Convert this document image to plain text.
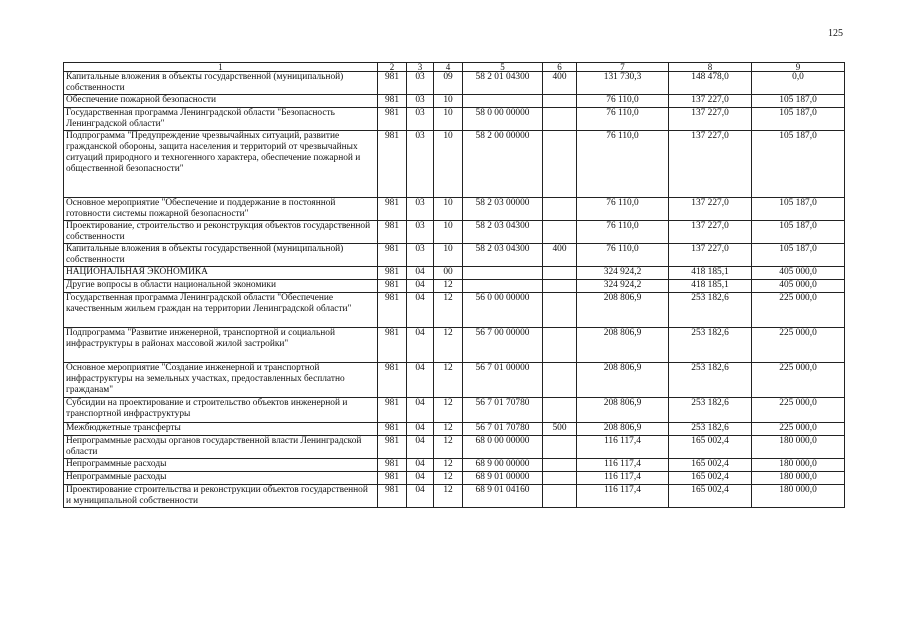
125
1	2	3	4	5	6	7	8	9
Капитальные вложения в объекты государственной (муниципальной) собственности	981	03	09	58 2 01 04300	400	131 730,3	148 478,0	0,0
Обеспечение пожарной безопасности	981	03	10			76 110,0	137 227,0	105 187,0
Государственная программа Ленинградской области "Безопасность Ленинградской области"	981	03	10	58 0 00 00000		76 110,0	137 227,0	105 187,0
Подпрограмма "Предупреждение чрезвычайных ситуаций, развитие гражданской обороны, защита населения и территорий от чрезвычайных ситуаций природного и техногенного характера, обеспечение пожарной и общественной безопасности"	981	03	10	58 2 00 00000		76 110,0	137 227,0	105 187,0
Основное мероприятие "Обеспечение и поддержание в постоянной готовности системы пожарной безопасности"	981	03	10	58 2 03 00000		76 110,0	137 227,0	105 187,0
Проектирование, строительство и реконструкция объектов государственной собственности	981	03	10	58 2 03 04300		76 110,0	137 227,0	105 187,0
Капитальные вложения в объекты государственной (муниципальной) собственности	981	03	10	58 2 03 04300	400	76 110,0	137 227,0	105 187,0
НАЦИОНАЛЬНАЯ ЭКОНОМИКА	981	04	00			324 924,2	418 185,1	405 000,0
Другие вопросы в области национальной экономики	981	04	12			324 924,2	418 185,1	405 000,0
Государственная программа Ленинградской области "Обеспечение качественным жильем граждан на территории Ленинградской области"	981	04	12	56 0 00 00000		208 806,9	253 182,6	225 000,0
Подпрограмма "Развитие инженерной, транспортной и социальной инфраструктуры в районах массовой жилой застройки"	981	04	12	56 7 00 00000		208 806,9	253 182,6	225 000,0
Основное мероприятие "Создание инженерной и транспортной инфраструктуры на земельных участках, предоставленных бесплатно гражданам"	981	04	12	56 7 01 00000		208 806,9	253 182,6	225 000,0
Субсидии на проектирование и строительство объектов инженерной и транспортной инфраструктуры	981	04	12	56 7 01 70780		208 806,9	253 182,6	225 000,0
Межбюджетные трансферты	981	04	12	56 7 01 70780	500	208 806,9	253 182,6	225 000,0
Непрограммные расходы органов государственной власти Ленинградской области	981	04	12	68 0 00 00000		116 117,4	165 002,4	180 000,0
Непрограммные расходы	981	04	12	68 9 00 00000		116 117,4	165 002,4	180 000,0
Непрограммные расходы	981	04	12	68 9 01 00000		116 117,4	165 002,4	180 000,0
Проектирование строительства и реконструкции объектов государственной и муниципальной собственности	981	04	12	68 9 01 04160		116 117,4	165 002,4	180 000,0
